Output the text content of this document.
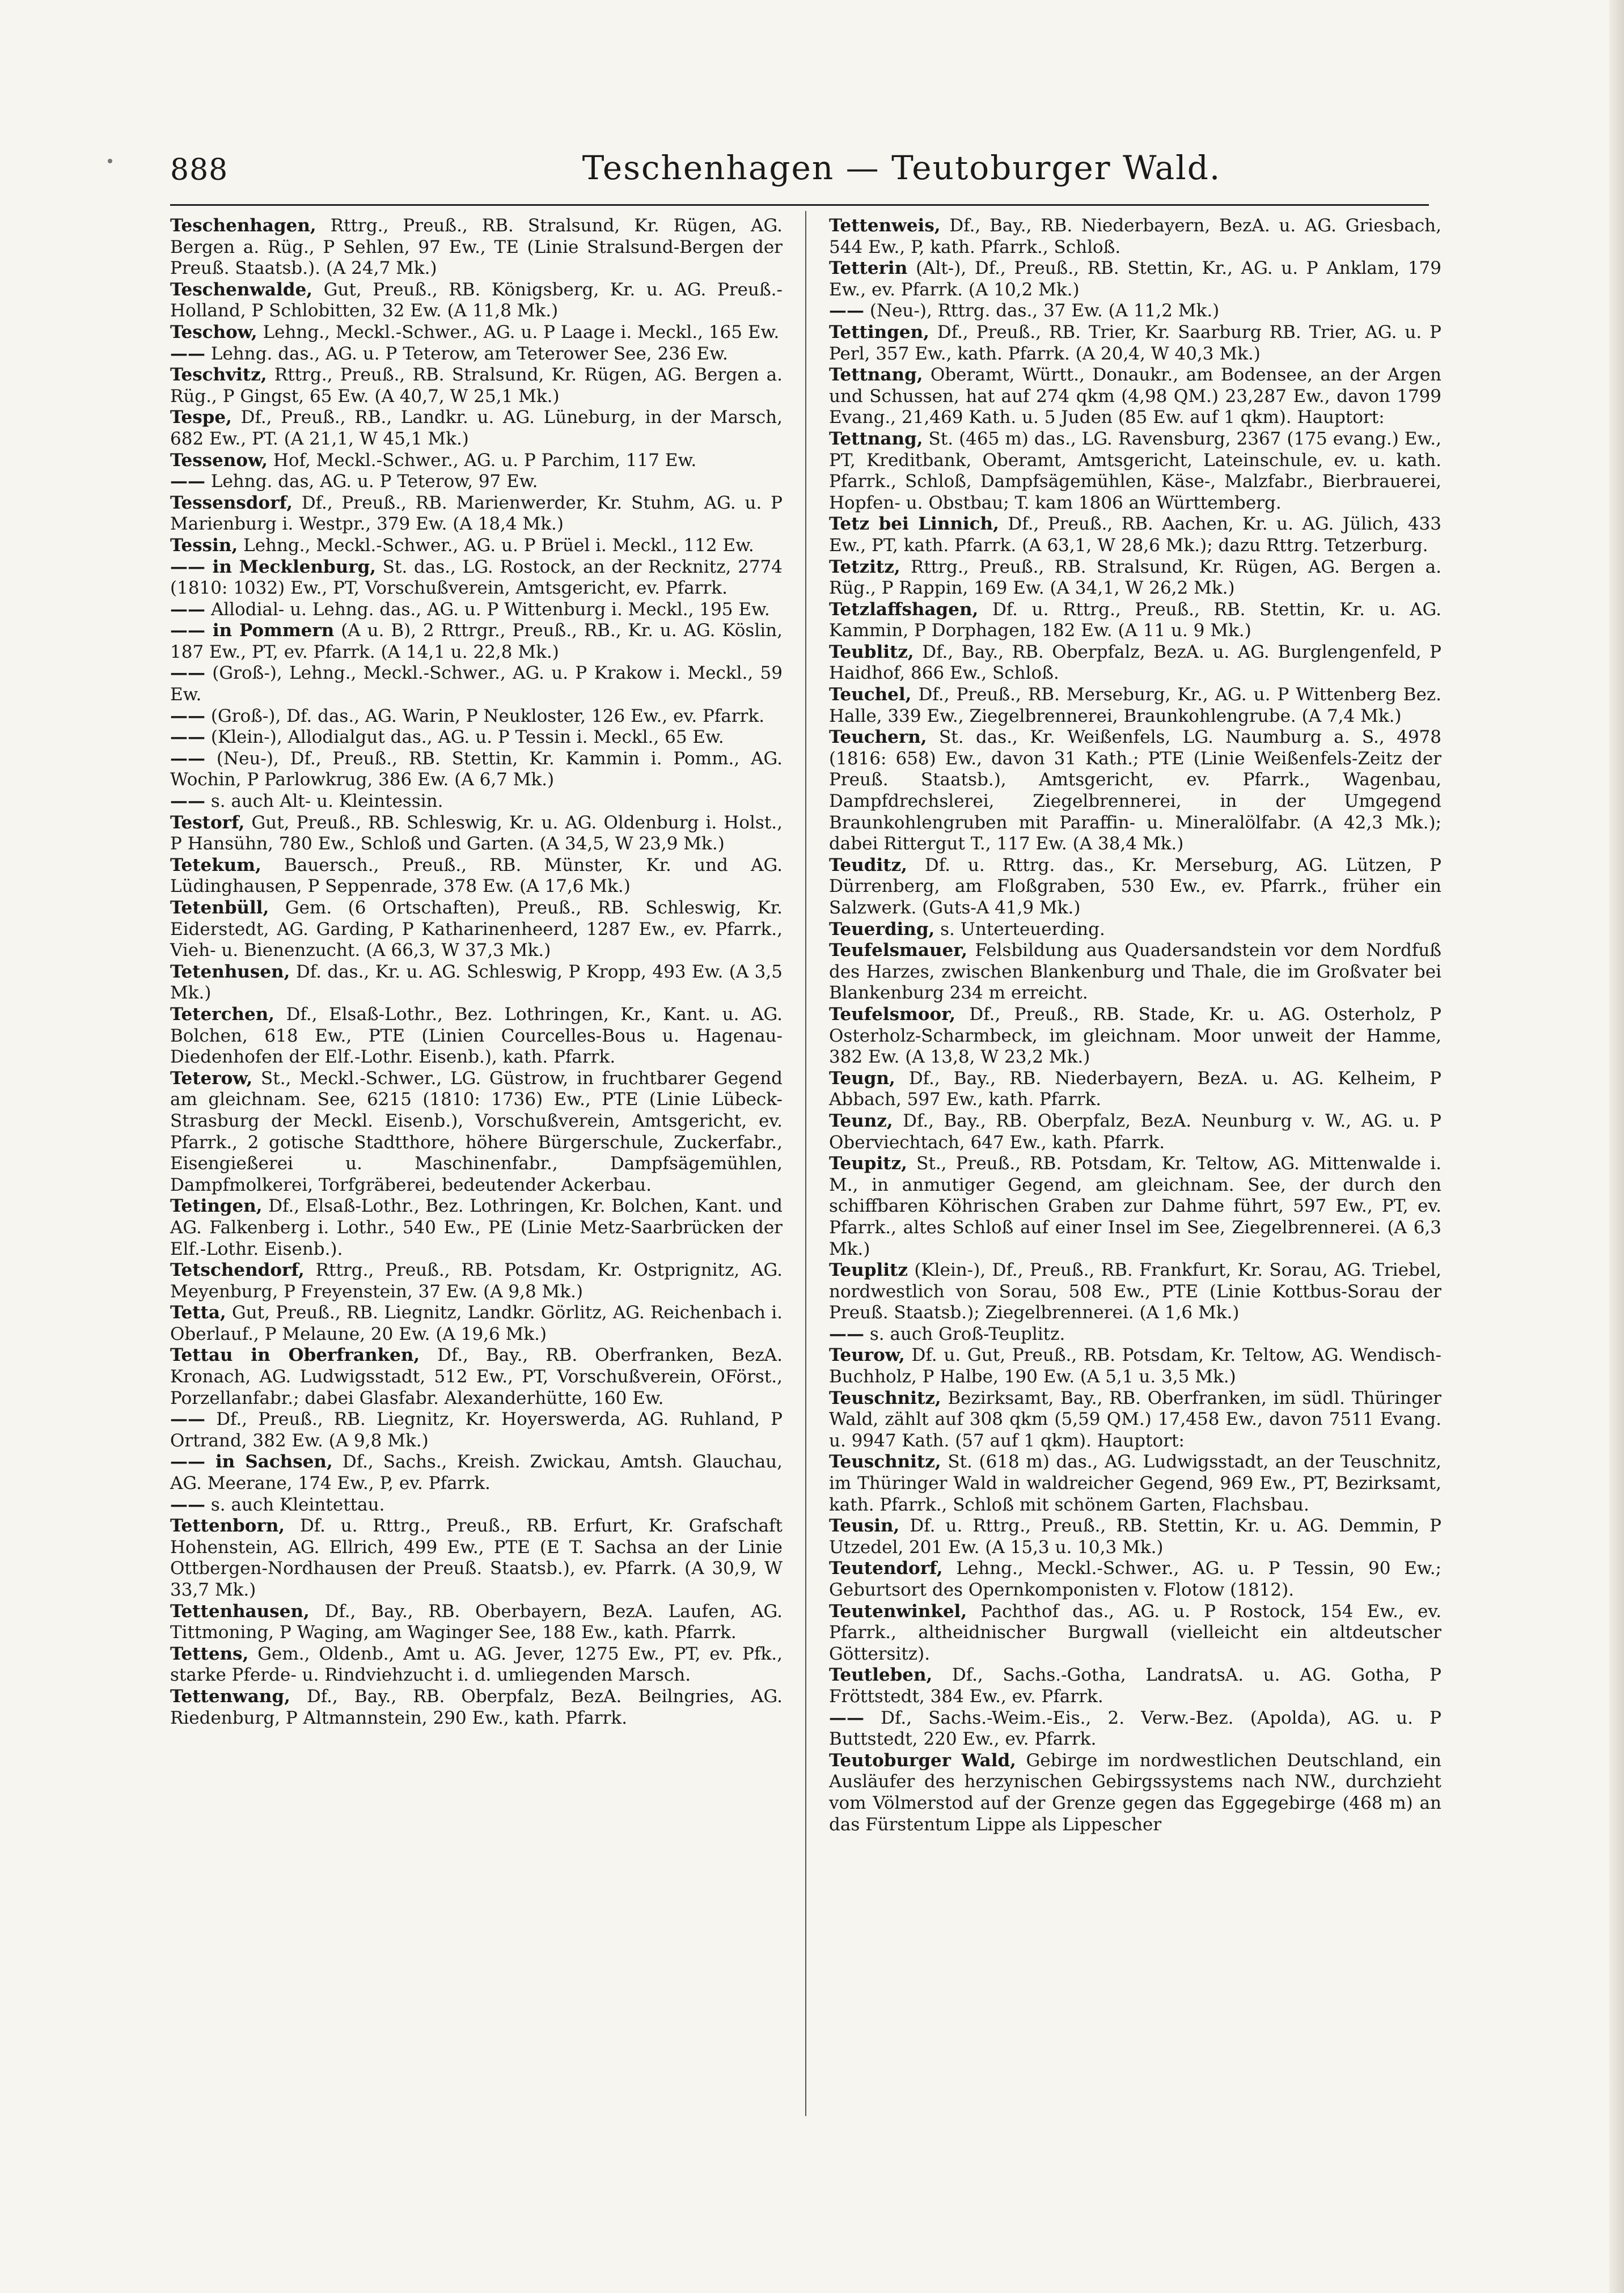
888	Teschenhagen — Teutoburger Wald.

Teschenhagen, Rttrg., Preuß., RB. Stralsund, Kr. Rügen, AG. Bergen a. Rüg., P Sehlen, 97 Ew., TE (Linie Stralsund-Bergen der Preuß. Staatsb.). (A 24,7 Mk.)

Teschenwalde, Gut, Preuß., RB. Königsberg, Kr. u. AG. Preuß.-Holland, P Schlobitten, 32 Ew. (A 11,8 Mk.)

Teschow, Lehng., Meckl.-Schwer., AG. u. P Laage i. Meckl., 165 Ew.

—— Lehng. das., AG. u. P Teterow, am Teterower See, 236 Ew.

Teschvitz, Rttrg., Preuß., RB. Stralsund, Kr. Rügen, AG. Bergen a. Rüg., P Gingst, 65 Ew. (A 40,7, W 25,1 Mk.)

Tespe, Df., Preuß., RB., Landkr. u. AG. Lüneburg, in der Marsch, 682 Ew., PT. (A 21,1, W 45,1 Mk.)

Tessenow, Hof, Meckl.-Schwer., AG. u. P Parchim, 117 Ew.

—— Lehng. das, AG. u. P Teterow, 97 Ew.

Tessensdorf, Df., Preuß., RB. Marienwerder, Kr. Stuhm, AG. u. P Marienburg i. Westpr., 379 Ew. (A 18,4 Mk.)

Tessin, Lehng., Meckl.-Schwer., AG. u. P Brüel i. Meckl., 112 Ew.

—— in Mecklenburg, St. das., LG. Rostock, an der Recknitz, 2774 (1810: 1032) Ew., PT, Vorschußverein, Amtsgericht, ev. Pfarrk.

—— Allodial- u. Lehng. das., AG. u. P Wittenburg i. Meckl., 195 Ew.

—— in Pommern (A u. B), 2 Rttrgr., Preuß., RB., Kr. u. AG. Köslin, 187 Ew., PT, ev. Pfarrk. (A 14,1 u. 22,8 Mk.)

—— (Groß-), Lehng., Meckl.-Schwer., AG. u. P Krakow i. Meckl., 59 Ew.

—— (Groß-), Df. das., AG. Warin, P Neukloster, 126 Ew., ev. Pfarrk.

—— (Klein-), Allodialgut das., AG. u. P Tessin i. Meckl., 65 Ew.

—— (Neu-), Df., Preuß., RB. Stettin, Kr. Kammin i. Pomm., AG. Wochin, P Parlowkrug, 386 Ew. (A 6,7 Mk.)

—— s. auch Alt- u. Kleintessin.

Testorf, Gut, Preuß., RB. Schleswig, Kr. u. AG. Oldenburg i. Holst., P Hansühn, 780 Ew., Schloß und Garten. (A 34,5, W 23,9 Mk.)

Tetekum, Bauersch., Preuß., RB. Münster, Kr. und AG. Lüdinghausen, P Seppenrade, 378 Ew. (A 17,6 Mk.)

Tetenbüll, Gem. (6 Ortschaften), Preuß., RB. Schleswig, Kr. Eiderstedt, AG. Garding, P Katharinenheerd, 1287 Ew., ev. Pfarrk., Vieh- u. Bienenzucht. (A 66,3, W 37,3 Mk.)

Tetenhusen, Df. das., Kr. u. AG. Schleswig, P Kropp, 493 Ew. (A 3,5 Mk.)

Teterchen, Df., Elsaß-Lothr., Bez. Lothringen, Kr., Kant. u. AG. Bolchen, 618 Ew., PTE (Linien Courcelles-Bous u. Hagenau-Diedenhofen der Elf.-Lothr. Eisenb.), kath. Pfarrk.

Teterow, St., Meckl.-Schwer., LG. Güstrow, in fruchtbarer Gegend am gleichnam. See, 6215 (1810: 1736) Ew., PTE (Linie Lübeck-Strasburg der Meckl. Eisenb.), Vorschußverein, Amtsgericht, ev. Pfarrk., 2 gotische Stadtthore, höhere Bürgerschule, Zuckerfabr., Eisengießerei u. Maschinenfabr., Dampfsägemühlen, Dampfmolkerei, Torfgräberei, bedeutender Ackerbau.

Tetingen, Df., Elsaß-Lothr., Bez. Lothringen, Kr. Bolchen, Kant. und AG. Falkenberg i. Lothr., 540 Ew., PE (Linie Metz-Saarbrücken der Elf.-Lothr. Eisenb.).

Tetschendorf, Rttrg., Preuß., RB. Potsdam, Kr. Ostprignitz, AG. Meyenburg, P Freyenstein, 37 Ew. (A 9,8 Mk.)

Tetta, Gut, Preuß., RB. Liegnitz, Landkr. Görlitz, AG. Reichenbach i. Oberlauf., P Melaune, 20 Ew. (A 19,6 Mk.)

Tettau in Oberfranken, Df., Bay., RB. Oberfranken, BezA. Kronach, AG. Ludwigsstadt, 512 Ew., PT, Vorschußverein, OFörst., Porzellanfabr.; dabei Glasfabr. Alexanderhütte, 160 Ew.

—— Df., Preuß., RB. Liegnitz, Kr. Hoyerswerda, AG. Ruhland, P Ortrand, 382 Ew. (A 9,8 Mk.)

—— in Sachsen, Df., Sachs., Kreish. Zwickau, Amtsh. Glauchau, AG. Meerane, 174 Ew., P, ev. Pfarrk.

—— s. auch Kleintettau.

Tettenborn, Df. u. Rttrg., Preuß., RB. Erfurt, Kr. Grafschaft Hohenstein, AG. Ellrich, 499 Ew., PTE (E T. Sachsa an der Linie Ottbergen-Nordhausen der Preuß. Staatsb.), ev. Pfarrk. (A 30,9, W 33,7 Mk.)

Tettenhausen, Df., Bay., RB. Oberbayern, BezA. Laufen, AG. Tittmoning, P Waging, am Waginger See, 188 Ew., kath. Pfarrk.

Tettens, Gem., Oldenb., Amt u. AG. Jever, 1275 Ew., PT, ev. Pfk., starke Pferde- u. Rindviehzucht i. d. umliegenden Marsch.

Tettenwang, Df., Bay., RB. Oberpfalz, BezA. Beilngries, AG. Riedenburg, P Altmannstein, 290 Ew., kath. Pfarrk.

Tettenweis, Df., Bay., RB. Niederbayern, BezA. u. AG. Griesbach, 544 Ew., P, kath. Pfarrk., Schloß.

Tetterin (Alt-), Df., Preuß., RB. Stettin, Kr., AG. u. P Anklam, 179 Ew., ev. Pfarrk. (A 10,2 Mk.)

—— (Neu-), Rttrg. das., 37 Ew. (A 11,2 Mk.)

Tettingen, Df., Preuß., RB. Trier, Kr. Saarburg RB. Trier, AG. u. P Perl, 357 Ew., kath. Pfarrk. (A 20,4, W 40,3 Mk.)

Tettnang, Oberamt, Württ., Donaukr., am Bodensee, an der Argen und Schussen, hat auf 274 qkm (4,98 QM.) 23,287 Ew., davon 1799 Evang., 21,469 Kath. u. 5 Juden (85 Ew. auf 1 qkm). Hauptort:

Tettnang, St. (465 m) das., LG. Ravensburg, 2367 (175 evang.) Ew., PT, Kreditbank, Oberamt, Amtsgericht, Lateinschule, ev. u. kath. Pfarrk., Schloß, Dampfsägemühlen, Käse-, Malzfabr., Bierbrauerei, Hopfen- u. Obstbau; T. kam 1806 an Württemberg.

Tetz bei Linnich, Df., Preuß., RB. Aachen, Kr. u. AG. Jülich, 433 Ew., PT, kath. Pfarrk. (A 63,1, W 28,6 Mk.); dazu Rttrg. Tetzerburg.

Tetzitz, Rttrg., Preuß., RB. Stralsund, Kr. Rügen, AG. Bergen a. Rüg., P Rappin, 169 Ew. (A 34,1, W 26,2 Mk.)

Tetzlaffshagen, Df. u. Rttrg., Preuß., RB. Stettin, Kr. u. AG. Kammin, P Dorphagen, 182 Ew. (A 11 u. 9 Mk.)

Teublitz, Df., Bay., RB. Oberpfalz, BezA. u. AG. Burglengenfeld, P Haidhof, 866 Ew., Schloß.

Teuchel, Df., Preuß., RB. Merseburg, Kr., AG. u. P Wittenberg Bez. Halle, 339 Ew., Ziegelbrennerei, Braunkohlengrube. (A 7,4 Mk.)

Teuchern, St. das., Kr. Weißenfels, LG. Naumburg a. S., 4978 (1816: 658) Ew., davon 31 Kath.; PTE (Linie Weißenfels-Zeitz der Preuß. Staatsb.), Amtsgericht, ev. Pfarrk., Wagenbau, Dampfdrechslerei, Ziegelbrennerei, in der Umgegend Braunkohlengruben mit Paraffin- u. Mineralölfabr. (A 42,3 Mk.); dabei Rittergut T., 117 Ew. (A 38,4 Mk.)

Teuditz, Df. u. Rttrg. das., Kr. Merseburg, AG. Lützen, P Dürrenberg, am Floßgraben, 530 Ew., ev. Pfarrk., früher ein Salzwerk. (Guts-A 41,9 Mk.)

Teuerding, s. Unterteuerding.

Teufelsmauer, Felsbildung aus Quadersandstein vor dem Nordfuß des Harzes, zwischen Blankenburg und Thale, die im Großvater bei Blankenburg 234 m erreicht.

Teufelsmoor, Df., Preuß., RB. Stade, Kr. u. AG. Osterholz, P Osterholz-Scharmbeck, im gleichnam. Moor unweit der Hamme, 382 Ew. (A 13,8, W 23,2 Mk.)

Teugn, Df., Bay., RB. Niederbayern, BezA. u. AG. Kelheim, P Abbach, 597 Ew., kath. Pfarrk.

Teunz, Df., Bay., RB. Oberpfalz, BezA. Neunburg v. W., AG. u. P Oberviechtach, 647 Ew., kath. Pfarrk.

Teupitz, St., Preuß., RB. Potsdam, Kr. Teltow, AG. Mittenwalde i. M., in anmutiger Gegend, am gleichnam. See, der durch den schiffbaren Köhrischen Graben zur Dahme führt, 597 Ew., PT, ev. Pfarrk., altes Schloß auf einer Insel im See, Ziegelbrennerei. (A 6,3 Mk.)

Teuplitz (Klein-), Df., Preuß., RB. Frankfurt, Kr. Sorau, AG. Triebel, nordwestlich von Sorau, 508 Ew., PTE (Linie Kottbus-Sorau der Preuß. Staatsb.); Ziegelbrennerei. (A 1,6 Mk.)

—— s. auch Groß-Teuplitz.

Teurow, Df. u. Gut, Preuß., RB. Potsdam, Kr. Teltow, AG. Wendisch-Buchholz, P Halbe, 190 Ew. (A 5,1 u. 3,5 Mk.)

Teuschnitz, Bezirksamt, Bay., RB. Oberfranken, im südl. Thüringer Wald, zählt auf 308 qkm (5,59 QM.) 17,458 Ew., davon 7511 Evang. u. 9947 Kath. (57 auf 1 qkm). Hauptort:

Teuschnitz, St. (618 m) das., AG. Ludwigsstadt, an der Teuschnitz, im Thüringer Wald in waldreicher Gegend, 969 Ew., PT, Bezirksamt, kath. Pfarrk., Schloß mit schönem Garten, Flachsbau.

Teusin, Df. u. Rttrg., Preuß., RB. Stettin, Kr. u. AG. Demmin, P Utzedel, 201 Ew. (A 15,3 u. 10,3 Mk.)

Teutendorf, Lehng., Meckl.-Schwer., AG. u. P Tessin, 90 Ew.; Geburtsort des Opernkomponisten v. Flotow (1812).

Teutenwinkel, Pachthof das., AG. u. P Rostock, 154 Ew., ev. Pfarrk., altheidnischer Burgwall (vielleicht ein altdeutscher Göttersitz).

Teutleben, Df., Sachs.-Gotha, LandratsA. u. AG. Gotha, P Fröttstedt, 384 Ew., ev. Pfarrk.

—— Df., Sachs.-Weim.-Eis., 2. Verw.-Bez. (Apolda), AG. u. P Buttstedt, 220 Ew., ev. Pfarrk.

Teutoburger Wald, Gebirge im nordwestlichen Deutschland, ein Ausläufer des herzynischen Gebirgssystems nach NW., durchzieht vom Völmerstod auf der Grenze gegen das Eggegebirge (468 m) an das Fürstentum Lippe als Lippescher
